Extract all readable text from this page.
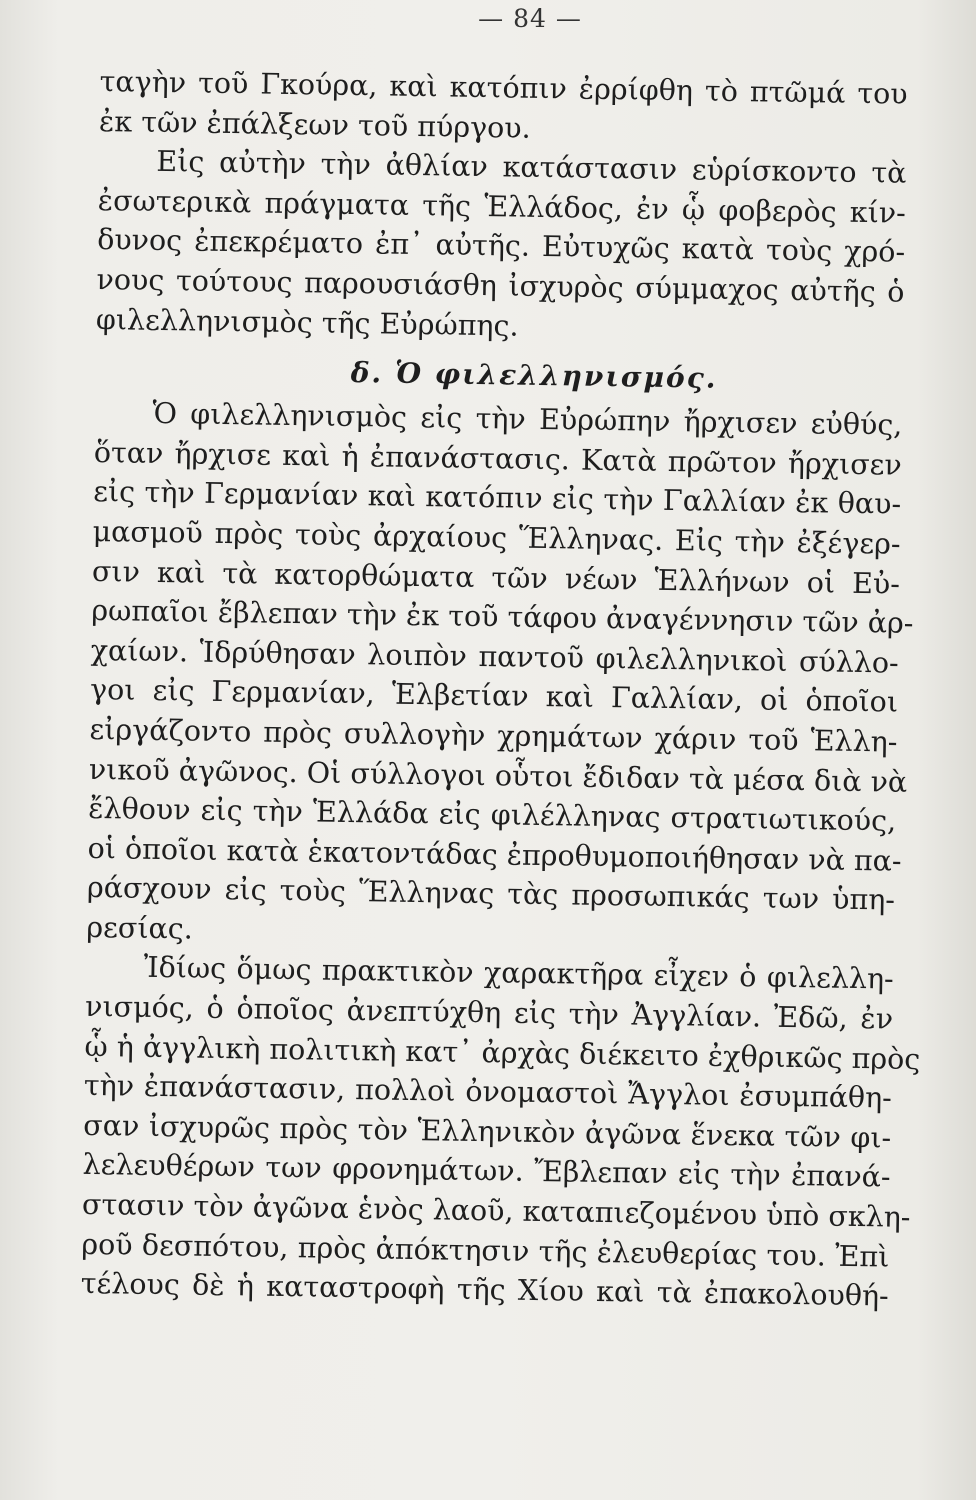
— 84 —
ταγὴν τοῦ Γκούρα, καὶ κατόπιν ἐρρίφθη τὸ πτῶμά του
ἐκ τῶν ἐπάλξεων τοῦ πύργου.
Εἰς αὐτὴν τὴν ἀθλίαν κατάστασιν εὑρίσκοντο τὰ
ἐσωτερικὰ πράγματα τῆς Ἑλλάδος, ἐν ᾧ φοβερὸς κίν-
δυνος ἐπεκρέματο ἐπ᾽ αὐτῆς. Εὐτυχῶς κατὰ τοὺς χρό-
νους τούτους παρουσιάσθη ἰσχυρὸς σύμμαχος αὐτῆς ὁ
φιλελληνισμὸς τῆς Εὐρώπης.
δ. Ὁ φιλελληνισμός.
Ὁ φιλελληνισμὸς εἰς τὴν Εὐρώπην ἤρχισεν εὐθύς,
ὅταν ἤρχισε καὶ ἡ ἐπανάστασις. Κατὰ πρῶτον ἤρχισεν
εἰς τὴν Γερμανίαν καὶ κατόπιν εἰς τὴν Γαλλίαν ἐκ θαυ-
μασμοῦ πρὸς τοὺς ἀρχαίους Ἕλληνας. Εἰς τὴν ἐξέγερ-
σιν καὶ τὰ κατορθώματα τῶν νέων Ἑλλήνων οἱ Εὐ-
ρωπαῖοι ἔβλεπαν τὴν ἐκ τοῦ τάφου ἀναγέννησιν τῶν ἀρ-
χαίων. Ἱδρύθησαν λοιπὸν παντοῦ φιλελληνικοὶ σύλλο-
γοι εἰς Γερμανίαν, Ἑλβετίαν καὶ Γαλλίαν, οἱ ὁποῖοι
εἰργάζοντο πρὸς συλλογὴν χρημάτων χάριν τοῦ Ἑλλη-
νικοῦ ἀγῶνος. Οἱ σύλλογοι οὗτοι ἔδιδαν τὰ μέσα διὰ νὰ
ἔλθουν εἰς τὴν Ἑλλάδα εἰς φιλέλληνας στρατιωτικούς,
οἱ ὁποῖοι κατὰ ἑκατοντάδας ἐπροθυμοποιήθησαν νὰ πα-
ράσχουν εἰς τοὺς Ἕλληνας τὰς προσωπικάς των ὑπη-
ρεσίας.
Ἰδίως ὅμως πρακτικὸν χαρακτῆρα εἶχεν ὁ φιλελλη-
νισμός, ὁ ὁποῖος ἀνεπτύχθη εἰς τὴν Ἀγγλίαν. Ἐδῶ, ἐν
ᾧ ἡ ἀγγλικὴ πολιτικὴ κατ᾽ ἀρχὰς διέκειτο ἐχθρικῶς πρὸς
τὴν ἐπανάστασιν, πολλοὶ ὀνομαστοὶ Ἄγγλοι ἐσυμπάθη-
σαν ἰσχυρῶς πρὸς τὸν Ἑλληνικὸν ἀγῶνα ἕνεκα τῶν φι-
λελευθέρων των φρονημάτων. Ἔβλεπαν εἰς τὴν ἐπανά-
στασιν τὸν ἀγῶνα ἑνὸς λαοῦ, καταπιεζομένου ὑπὸ σκλη-
ροῦ δεσπότου, πρὸς ἀπόκτησιν τῆς ἐλευθερίας του. Ἐπὶ
τέλους δὲ ἡ καταστροφὴ τῆς Χίου καὶ τὰ ἐπακολουθή-
